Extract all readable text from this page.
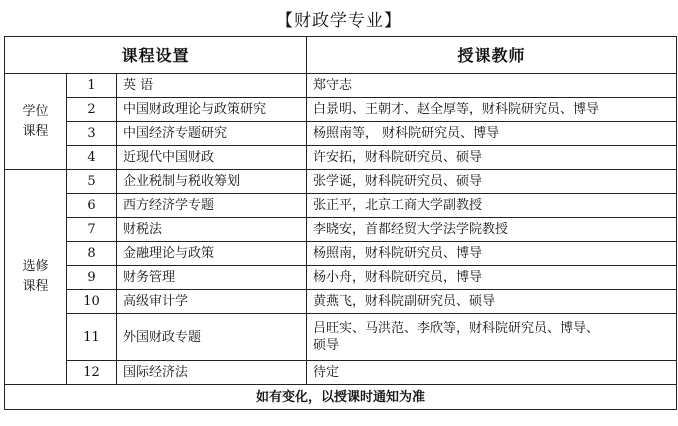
【财政学专业】
课程设置			授课教师

学位
课程	1	英 语	郑守志
	2	中国财政理论与政策研究	白景明、王朝才、赵全厚等，财科院研究员、博导
	3	中国经济专题研究	杨照南等， 财科院研究员、博导
	4	近现代中国财政	许安拓，财科院研究员、硕导

选修
课程	5	企业税制与税收筹划	张学诞，财科院研究员、硕导
	6	西方经济学专题	张正平，北京工商大学副教授
	7	财税法	李晓安，首都经贸大学法学院教授
	8	金融理论与政策	杨照南，财科院研究员、博导
	9	财务管理	杨小舟，财科院研究员，博导
	10	高级审计学	黄燕飞，财科院副研究员、硕导
	11	外国财政专题	吕旺实、马洪范、李欣等，财科院研究员、博导、
硕导

	12	国际经济法	待定
如有变化，以授课时通知为准			
